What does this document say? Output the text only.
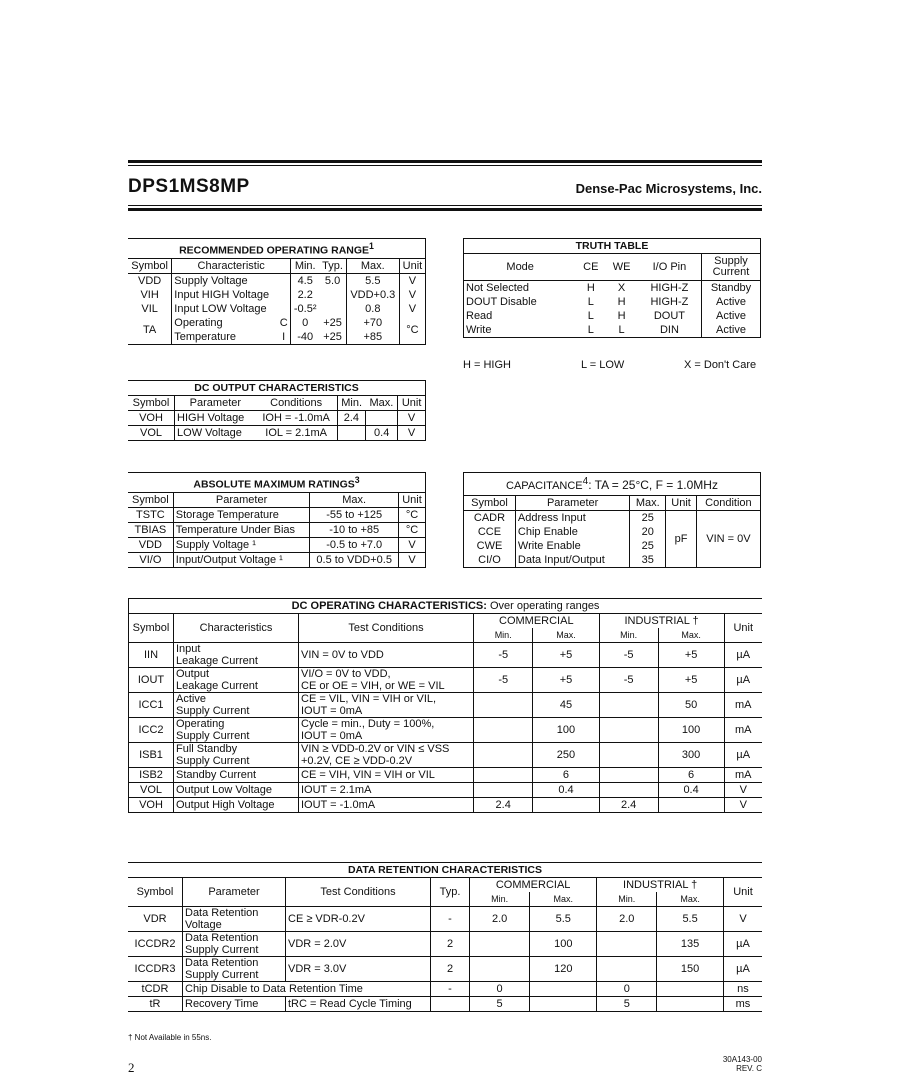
DPS1MS8MP	Dense-Pac Microsystems, Inc.
RECOMMENDED OPERATING RANGE$^1$
Symbol	Characteristic		Min.	Typ.	Max.	Unit
VDD	Supply Voltage		4.5	5.0	5.5	V
VIH	Input HIGH Voltage		2.2		VDD+0.3	V
VIL	Input LOW Voltage		-0.5²		0.8	V
TA	Operating	C	0	+25	+70	°C
	Temperature	I	-40	+25	+85	
TRUTH TABLE				
Mode	CE	WE	I/O Pin	Supply Current
Not Selected	H	X	HIGH-Z	Standby
DOUT Disable	L	H	HIGH-Z	Active
Read	L	H	DOUT	Active
Write	L	L	DIN	Active
H = HIGH	L = LOW	X = Don't Care
DC OUTPUT CHARACTERISTICS					
Symbol	Parameter	Conditions	Min.	Max.	Unit
VOH	HIGH Voltage	IOH = -1.0mA	2.4		V
VOL	LOW Voltage	IOL = 2.1mA		0.4	V
ABSOLUTE MAXIMUM RATINGS$^3$
Symbol	Parameter	Max.	Unit
TSTC	Storage Temperature	-55 to +125	°C
TBIAS	Temperature Under Bias	-10 to +85	°C
VDD	Supply Voltage ¹	-0.5 to +7.0	V
VI/O	Input/Output Voltage ¹	0.5 to VDD+0.5	V
CAPACITANCE$^4$: TA = 25°C, F = 1.0MHz				
Symbol	Parameter	Max.	Unit	Condition
CADR	Address Input	25	pF	VIN = 0V
CCE	Chip Enable	20		
CWE	Write Enable	25		
CI/O	Data Input/Output	35		
DC OPERATING CHARACTERISTICS: Over operating ranges							
Symbol	Characteristics	Test Conditions	COMMERCIAL		INDUSTRIAL †		Unit
			Min.	Max.	Min.	Max.	
IIN	Input
Leakage Current	VIN = 0V to VDD	-5	+5	-5	+5	µA
IOUT	Output
Leakage Current	VI/O = 0V to VDD,
CE or OE = VIH, or WE = VIL	-5	+5	-5	+5	µA
ICC1	Active
Supply Current	CE = VIL, VIN = VIH or VIL,
IOUT = 0mA		45		50	mA
ICC2	Operating
Supply Current	Cycle = min., Duty = 100%,
IOUT = 0mA		100		100	mA
ISB1	Full Standby
Supply Current	VIN ≥ VDD-0.2V or VIN ≤ VSS
+0.2V, CE ≥ VDD-0.2V		250		300	µA
ISB2	Standby Current	CE = VIH, VIN = VIH or VIL		6		6	mA
VOL	Output Low Voltage	IOUT = 2.1mA		0.4		0.4	V
VOH	Output High Voltage	IOUT = -1.0mA	2.4		2.4		V
DATA RETENTION CHARACTERISTICS								
Symbol	Parameter	Test Conditions	Typ.	COMMERCIAL		INDUSTRIAL †		Unit
				Min.	Max.	Min.	Max.	
VDR	Data Retention
Voltage	CE ≥ VDR-0.2V	-	2.0	5.5	2.0	5.5	V
ICCDR2	Data Retention
Supply Current	VDR = 2.0V	2		100		135	µA
ICCDR3	Data Retention
Supply Current	VDR = 3.0V	2		120		150	µA
tCDR	Chip Disable to Data Retention Time		-	0		0		ns
tR	Recovery Time	tRC = Read Cycle Timing		5		5		ms
† Not Available in 55ns.
2
30A143-00
REV. C
